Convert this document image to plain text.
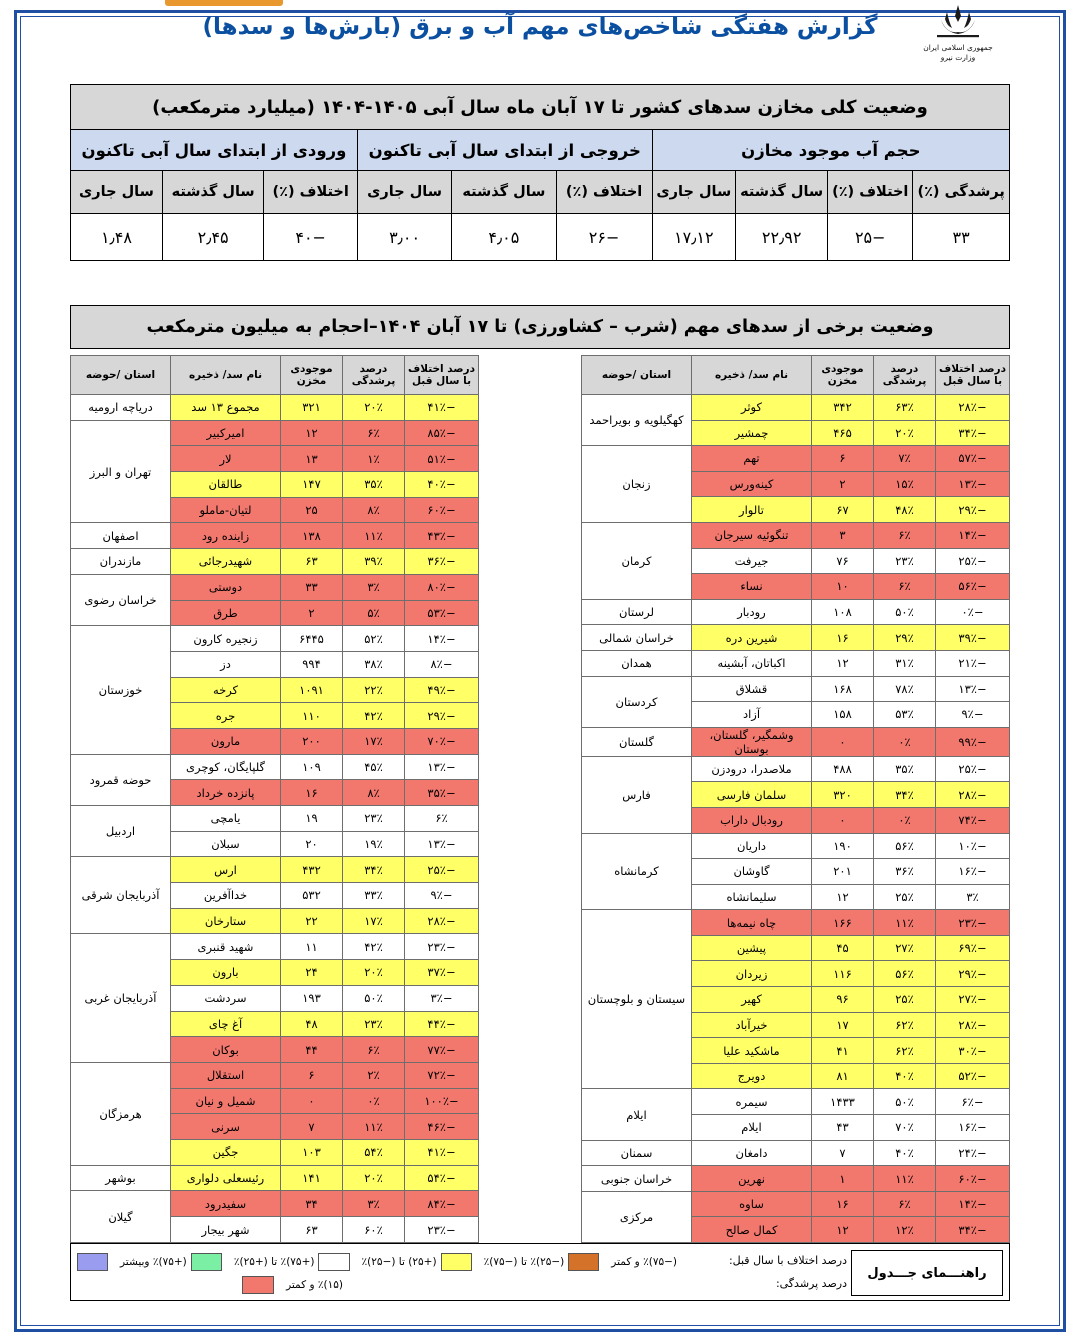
جمهوری اسلامی ایران
وزارت نیرو
گزارش هفتگی شاخص‌های مهم آب و برق (بارش‌ها و سدها)
وضعیت کلی مخازن سدهای کشور تا ۱۷ آبان ماه سال آبی ۱۴۰۵-۱۴۰۴ (میلیارد مترمکعب)									
حجم آب موجود مخازن				خروجی از ابتدای سال آبی تاکنون			ورودی از ابتدای سال آبی تاکنون		
پرشدگی (٪)	اختلاف (٪)	سال گذشته	سال جاری	اختلاف (٪)	سال گذشته	سال جاری	اختلاف (٪)	سال گذشته	سال جاری
۳۳	−۲۵	۲۲٫۹۲	۱۷٫۱۲	−۲۶	۴٫۰۵	۳٫۰۰	−۴۰	۲٫۴۵	۱٫۴۸
وضعیت برخی از سدهای مهم (شرب – کشاورزی) تا ۱۷ آبان ۱۴۰۴–احجام به میلیون مترمکعب
درصد اختلاف با سال قبل	درصد پرشدگی	موجودی مخزن	نام سد/ ذخیره	استان /حوضه
−۲۸٪	۶۳٪	۳۴۲	کوثر	کهگیلویه و بویراحمد
−۳۴٪	۲۰٪	۴۶۵	چمشیر	
−۵۷٪	۷٪	۶	تهم	زنجان
−۱۳٪	۱۵٪	۲	کینه‌ورس	
−۲۹٪	۴۸٪	۶۷	تالوار	
−۱۴٪	۶٪	۳	تنگوئیه سیرجان	کرمان
−۲۵٪	۲۳٪	۷۶	جیرفت	
−۵۶٪	۶٪	۱۰	نساء	
−۰٪	۵۰٪	۱۰۸	رودبار	لرستان
−۳۹٪	۲۹٪	۱۶	شیرین دره	خراسان شمالی
−۲۱٪	۳۱٪	۱۲	اکباتان، آبشینه	همدان
−۱۳٪	۷۸٪	۱۶۸	قشلاق	کردستان
−۹٪	۵۳٪	۱۵۸	آزاد	
−۹۹٪	۰٪	۰	وشمگیر، گلستان، بوستان	گلستان
−۲۵٪	۳۵٪	۴۸۸	ملاصدرا، درودزن	فارس
−۲۸٪	۳۴٪	۳۲۰	سلمان فارسی	
−۷۴٪	۰٪	۰	رودبال داراب	
−۱۰٪	۵۶٪	۱۹۰	داریان	کرمانشاه
−۱۶٪	۳۶٪	۲۰۱	گاوشان	
۳٪	۲۵٪	۱۲	سلیمانشاه	
−۲۳٪	۱۱٪	۱۶۶	چاه نیمه‌ها	سیستان و بلوچستان
−۶۹٪	۲۷٪	۴۵	پیشین	
−۲۹٪	۵۶٪	۱۱۶	زیردان	
−۲۷٪	۲۵٪	۹۶	کهیر	
−۲۸٪	۶۲٪	۱۷	خیرآباد	
−۳۰٪	۶۲٪	۴۱	ماشکید علیا	
−۵۲٪	۴۰٪	۸۱	دویرج	
−۶٪	۵۰٪	۱۴۳۳	سیمره	ایلام
−۱۶٪	۷۰٪	۴۳	ایلام	
−۲۴٪	۴۰٪	۷	دامغان	سمنان
−۶۰٪	۱۱٪	۱	نهرین	خراسان جنوبی
−۱۴٪	۶٪	۱۶	ساوه	مرکزی
−۳۴٪	۱۲٪	۱۲	کمال صالح	
درصد اختلاف با سال قبل	درصد پرشدگی	موجودی مخزن	نام سد/ ذخیره	استان /حوضه
−۴۱٪	۲۰٪	۳۲۱	مجموع ۱۳ سد	دریاچه ارومیه
−۸۵٪	۶٪	۱۲	امیرکبیر	تهران و البرز
−۵۱٪	۱٪	۱۳	لار	
−۴۰٪	۳۵٪	۱۴۷	طالقان	
−۶۰٪	۸٪	۲۵	لتیان-ماملو	
−۴۳٪	۱۱٪	۱۳۸	زاینده رود	اصفهان
−۳۶٪	۳۹٪	۶۳	شهیدرجائی	مازندران
−۸۰٪	۳٪	۳۳	دوستی	خراسان رضوی
−۵۳٪	۵٪	۲	طرق	
−۱۴٪	۵۲٪	۶۴۴۵	زنجیره کارون	خوزستان
−۸٪	۳۸٪	۹۹۴	دز	
−۴۹٪	۲۲٪	۱۰۹۱	کرخه	
−۲۹٪	۴۲٪	۱۱۰	جره	
−۷۰٪	۱۷٪	۲۰۰	مارون	
−۱۳٪	۴۵٪	۱۰۹	گلپایگان، کوچری	حوضه قمرود
−۳۵٪	۸٪	۱۶	پانزده خرداد	
۶٪	۲۳٪	۱۹	یامچی	اردبیل
−۱۳٪	۱۹٪	۲۰	سبلان	
−۲۵٪	۳۴٪	۴۳۲	ارس	آذربایجان شرقی
−۹٪	۳۳٪	۵۳۲	خداآفرین	
−۲۸٪	۱۷٪	۲۲	ستارخان	
−۲۳٪	۴۲٪	۱۱	شهید قنبری	آذربایجان غربی
−۳۷٪	۲۰٪	۲۴	بارون	
−۳٪	۵۰٪	۱۹۳	سردشت	
−۴۴٪	۲۳٪	۴۸	آغ چای	
−۷۷٪	۶٪	۴۴	بوکان	
−۷۲٪	۲٪	۶	استقلال	هرمزگان
−۱۰۰٪	۰٪	۰	شمیل و نیان	
−۴۶٪	۱۱٪	۷	سرنی	
−۴۱٪	۵۴٪	۱۰۳	جگین	
−۵۴٪	۲۰٪	۱۴۱	رئیسعلی دلواری	بوشهر
−۸۴٪	۳٪	۳۴	سفیدرود	گیلان
−۲۳٪	۶۰٪	۶۳	شهر بیجار	
راهنـــمای جـــدول
درصد اختلاف با سال قبل:
درصد پرشدگی:
(−۷۵)٪ و کمتر
(−۲۵)٪ تا (−۷۵)٪
(+۲۵) تا (−۲۵)٪
(+۷۵)٪ تا (+۲۵)٪
(+۷۵)٪ وبیشتر
(۱۵)٪ و کمتر
